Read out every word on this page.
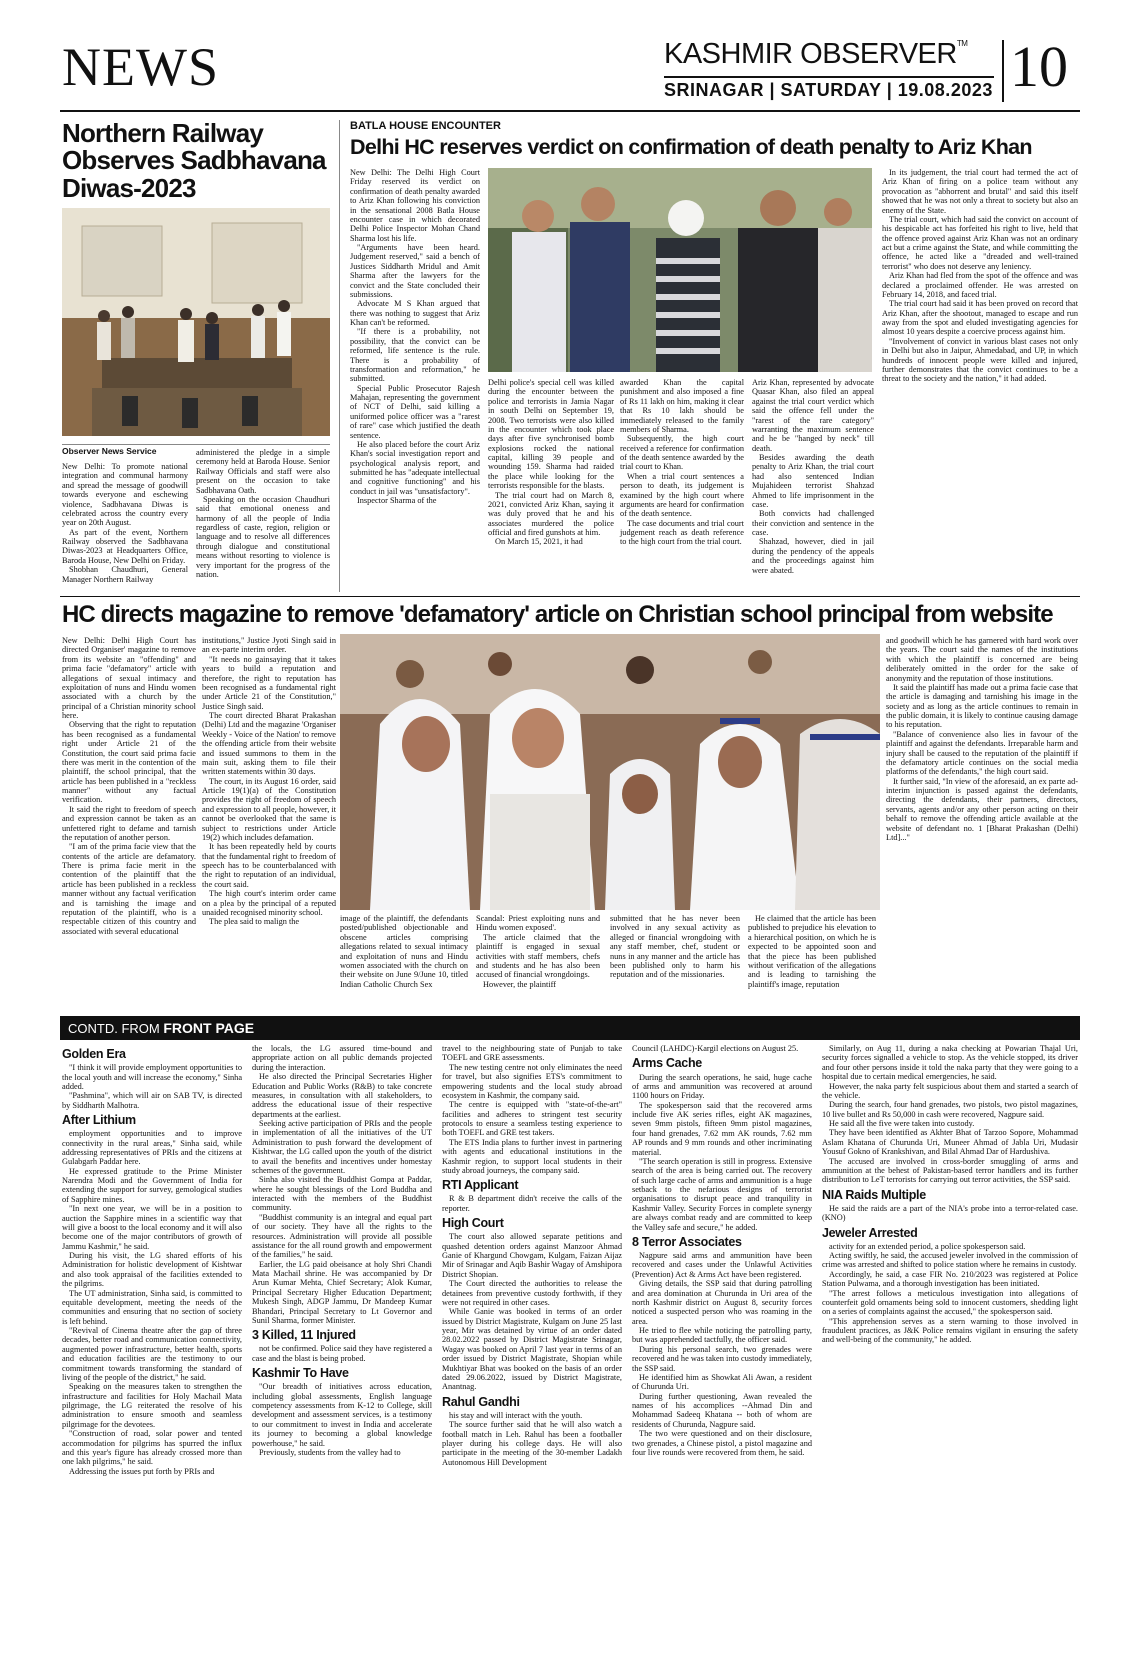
NEWS	KASHMIR OBSERVER™
SRINAGAR | SATURDAY | 19.08.2023 10
Northern Railway Observes Sadbhavana Diwas-2023
Observer News Service

New Delhi: To promote national integration and communal harmony and spread the message of goodwill towards everyone and eschewing violence, Sadbhavana Diwas is celebrated across the country every year on 20th August.

As part of the event, Northern Railway observed the Sadbhavana Diwas-2023 at Headquarters Office, Baroda House, New Delhi on Friday.

Shobhan Chaudhuri, General Manager Northern Railway

administered the pledge in a simple ceremony held at Baroda House. Senior Railway Officials and staff were also present on the occasion to take Sadbhavana Oath.

Speaking on the occasion Chaudhuri said that emotional oneness and harmony of all the people of India regardless of caste, region, religion or language and to resolve all differences through dialogue and constitutional means without resorting to violence is very important for the progress of the nation.

BATLA HOUSE ENCOUNTER
Delhi HC reserves verdict on confirmation of death penalty to Ariz Khan

New Delhi: The Delhi High Court Friday reserved its verdict on confirmation of death penalty awarded to Ariz Khan following his conviction in the sensational 2008 Batla House encounter case in which decorated Delhi Police Inspector Mohan Chand Sharma lost his life.

"Arguments have been heard. Judgement reserved," said a bench of Justices Siddharth Mridul and Amit Sharma after the lawyers for the convict and the State concluded their submissions.

Advocate M S Khan argued that there was nothing to suggest that Ariz Khan can't be reformed.

"If there is a probability, not possibility, that the convict can be reformed, life sentence is the rule. There is a probability of transformation and reformation," he submitted.

Special Public Prosecutor Rajesh Mahajan, representing the government of NCT of Delhi, said killing a uniformed police officer was a "rarest of rare" case which justified the death sentence.

He also placed before the court Ariz Khan's social investigation report and psychological analysis report, and submitted he has "adequate intellectual and cognitive functioning" and his conduct in jail was "unsatisfactory".

Inspector Sharma of the

Delhi police's special cell was killed during the encounter between the police and terrorists in Jamia Nagar in south Delhi on September 19, 2008. Two terrorists were also killed in the encounter which took place days after five synchronised bomb explosions rocked the national capital, killing 39 people and wounding 159. Sharma had raided the place while looking for the terrorists responsible for the blasts.

The trial court had on March 8, 2021, convicted Ariz Khan, saying it was duly proved that he and his associates murdered the police official and fired gunshots at him.

On March 15, 2021, it had

awarded Khan the capital punishment and also imposed a fine of Rs 11 lakh on him, making it clear that Rs 10 lakh should be immediately released to the family members of Sharma.

Subsequently, the high court received a reference for confirmation of the death sentence awarded by the trial court to Khan.

When a trial court sentences a person to death, its judgement is examined by the high court where arguments are heard for confirmation of the death sentence.

The case documents and trial court judgement reach as death reference to the high court from the trial court.

Ariz Khan, represented by advocate Quasar Khan, also filed an appeal against the trial court verdict which said the offence fell under the "rarest of the rare category" warranting the maximum sentence and he be "hanged by neck" till death.

Besides awarding the death penalty to Ariz Khan, the trial court had also sentenced Indian Mujahideen terrorist Shahzad Ahmed to life imprisonment in the case.

Both convicts had challenged their conviction and sentence in the case.

Shahzad, however, died in jail during the pendency of the appeals and the proceedings against him were abated.

In its judgement, the trial court had termed the act of Ariz Khan of firing on a police team without any provocation as "abhorrent and brutal" and said this itself showed that he was not only a threat to society but also an enemy of the State.

The trial court, which had said the convict on account of his despicable act has forfeited his right to live, held that the offence proved against Ariz Khan was not an ordinary act but a crime against the State, and while committing the offence, he acted like a "dreaded and well-trained terrorist" who does not deserve any leniency.

Ariz Khan had fled from the spot of the offence and was declared a proclaimed offender. He was arrested on February 14, 2018, and faced trial.

The trial court had said it has been proved on record that Ariz Khan, after the shootout, managed to escape and run away from the spot and eluded investigating agencies for almost 10 years despite a coercive process against him.

"Involvement of convict in various blast cases not only in Delhi but also in Jaipur, Ahmedabad, and UP, in which hundreds of innocent people were killed and injured, further demonstrates that the convict continues to be a threat to the society and the nation," it had added.

HC directs magazine to remove 'defamatory' article on Christian school principal from website

New Delhi: Delhi High Court has directed Organiser' magazine to remove from its website an "offending" and prima facie "defamatory" article with allegations of sexual intimacy and exploitation of nuns and Hindu women associated with a church by the principal of a Christian minority school here.

Observing that the right to reputation has been recognised as a fundamental right under Article 21 of the Constitution, the court said prima facie there was merit in the contention of the plaintiff, the school principal, that the article has been published in a "reckless manner" without any factual verification.

It said the right to freedom of speech and expression cannot be taken as an unfettered right to defame and tarnish the reputation of another person.

"I am of the prima facie view that the contents of the article are defamatory. There is prima facie merit in the contention of the plaintiff that the article has been published in a reckless manner without any factual verification and is tarnishing the image and reputation of the plaintiff, who is a respectable citizen of this country and associated with several educational

institutions," Justice Jyoti Singh said in an ex-parte interim order.

"It needs no gainsaying that it takes years to build a reputation and therefore, the right to reputation has been recognised as a fundamental right under Article 21 of the Constitution," Justice Singh said.

The court directed Bharat Prakashan (Delhi) Ltd and the magazine 'Organiser Weekly - Voice of the Nation' to remove the offending article from their website and issued summons to them in the main suit, asking them to file their written statements within 30 days.

The court, in its August 16 order, said Article 19(1)(a) of the Constitution provides the right of freedom of speech and expression to all people, however, it cannot be overlooked that the same is subject to restrictions under Article 19(2) which includes defamation.

It has been repeatedly held by courts that the fundamental right to freedom of speech has to be counterbalanced with the right to reputation of an individual, the court said.

The high court's interim order came on a plea by the principal of a reputed unaided recognised minority school.

The plea said to malign the	image of the plaintiff, the defendants posted/published objectionable and obscene articles comprising allegations related to sexual intimacy and exploitation of nuns and Hindu women associated with the church on their website on June 9/June 10, titled Indian Catholic Church Sex

Scandal: Priest exploiting nuns and Hindu women exposed'.

The article claimed that the plaintiff is engaged in sexual activities with staff members, chefs and students and he has also been accused of financial wrongdoings.

However, the plaintiff

submitted that he has never been involved in any sexual activity as alleged or financial wrongdoing with any staff member, chef, student or nuns in any manner and the article has been published only to harm his reputation and of the missionaries.

He claimed that the article has been published to prejudice his elevation to a hierarchical position, on which he is expected to be appointed soon and that the piece has been published without verification of the allegations and is leading to tarnishing the plaintiff's image, reputation

and goodwill which he has garnered with hard work over the years. The court said the names of the institutions with which the plaintiff is concerned are being deliberately omitted in the order for the sake of anonymity and the reputation of those institutions.

It said the plaintiff has made out a prima facie case that the article is damaging and tarnishing his image in the society and as long as the article continues to remain in the public domain, it is likely to continue causing damage to his reputation.

"Balance of convenience also lies in favour of the plaintiff and against the defendants. Irreparable harm and injury shall be caused to the reputation of the plaintiff if the defamatory article continues on the social media platforms of the defendants," the high court said.

It further said, "In view of the aforesaid, an ex parte ad-interim injunction is passed against the defendants, directing the defendants, their partners, directors, servants, agents and/or any other person acting on their behalf to remove the offending article available at the website of defendant no. 1 [Bharat Prakashan (Delhi) Ltd]..."

CONTD. FROM FRONT PAGE
Golden Era

"I think it will provide employment opportunities to the local youth and will increase the economy," Sinha added.

"Pashmina", which will air on SAB TV, is directed by Siddharth Malhotra.

After Lithium

employment opportunities and to improve connectivity in the rural areas," Sinha said, while addressing representatives of PRIs and the citizens at Gulabgarh Paddar here.

He expressed gratitude to the Prime Minister Narendra Modi and the Government of India for extending the support for survey, gemological studies of Sapphire mines.

"In next one year, we will be in a position to auction the Sapphire mines in a scientific way that will give a boost to the local economy and it will also become one of the major contributors of growth of Jammu Kashmir," he said.

During his visit, the LG shared efforts of his Administration for holistic development of Kishtwar and also took appraisal of the facilities extended to the pilgrims.

The UT administration, Sinha said, is committed to equitable development, meeting the needs of the communities and ensuring that no section of society is left behind.

"Revival of Cinema theatre after the gap of three decades, better road and communication connectivity, augmented power infrastructure, better health, sports and education facilities are the testimony to our commitment towards transforming the standard of living of the people of the district," he said.

Speaking on the measures taken to strengthen the infrastructure and facilities for Holy Machail Mata pilgrimage, the LG reiterated the resolve of his administration to ensure smooth and seamless pilgrimage for the devotees.

"Construction of road, solar power and tented accommodation for pilgrims has spurred the influx and this year's figure has already crossed more than one lakh pilgrims," he said.

Addressing the issues put forth by PRIs and

the locals, the LG assured time-bound and appropriate action on all public demands projected during the interaction.

He also directed the Principal Secretaries Higher Education and Public Works (R&B) to take concrete measures, in consultation with all stakeholders, to address the educational issue of their respective departments at the earliest.

Seeking active participation of PRIs and the people in implementation of all the initiatives of the UT Administration to push forward the development of Kishtwar, the LG called upon the youth of the district to avail the benefits and incentives under homestay schemes of the government.

Sinha also visited the Buddhist Gompa at Paddar, where he sought blessings of the Lord Buddha and interacted with the members of the Buddhist community.

"Buddhist community is an integral and equal part of our society. They have all the rights to the resources. Administration will provide all possible assistance for the all round growth and empowerment of the families," he said.

Earlier, the LG paid obeisance at holy Shri Chandi Mata Machail shrine. He was accompanied by Dr Arun Kumar Mehta, Chief Secretary; Alok Kumar, Principal Secretary Higher Education Department; Mukesh Singh, ADGP Jammu, Dr Mandeep Kumar Bhandari, Principal Secretary to Lt Governor and Sunil Sharma, former Minister.

3 Killed, 11 Injured

not be confirmed. Police said they have registered a case and the blast is being probed.

Kashmir To Have

"Our breadth of initiatives across education, including global assessments, English language competency assessments from K-12 to College, skill development and assessment services, is a testimony to our commitment to invest in India and accelerate its journey to becoming a global knowledge powerhouse," he said.

Previously, students from the valley had to

travel to the neighbouring state of Punjab to take TOEFL and GRE assessments.

The new testing centre not only eliminates the need for travel, but also signifies ETS's commitment to empowering students and the local study abroad ecosystem in Kashmir, the company said.

The centre is equipped with "state-of-the-art" facilities and adheres to stringent test security protocols to ensure a seamless testing experience to both TOEFL and GRE test takers.

The ETS India plans to further invest in partnering with agents and educational institutions in the Kashmir region, to support local students in their study abroad journeys, the company said.

RTI Applicant

R & B department didn't receive the calls of the reporter.

High Court

The court also allowed separate petitions and quashed detention orders against Manzoor Ahmad Ganie of Khargund Chowgam, Kulgam, Faizan Aijaz Mir of Srinagar and Aqib Bashir Wagay of Amshipora District Shopian.

The Court directed the authorities to release the detainees from preventive custody forthwith, if they were not required in other cases.

While Ganie was booked in terms of an order issued by District Magistrate, Kulgam on June 25 last year, Mir was detained by virtue of an order dated 28.02.2022 passed by District Magistrate Srinagar, Wagay was booked on April 7 last year in terms of an order issued by District Magistrate, Shopian while Mukhtiyar Bhat was booked on the basis of an order dated 29.06.2022, issued by District Magistrate, Anantnag.

Rahul Gandhi

his stay and will interact with the youth.

The source further said that he will also watch a football match in Leh. Rahul has been a footballer player during his college days. He will also participate in the meeting of the 30-member Ladakh Autonomous Hill Development

Council (LAHDC)-Kargil elections on August 25.

Arms Cache

During the search operations, he said, huge cache of arms and ammunition was recovered at around 1100 hours on Friday.

The spokesperson said that the recovered arms include five AK series rifles, eight AK magazines, seven 9mm pistols, fifteen 9mm pistol magazines, four hand grenades, 7.62 mm AK rounds, 7.62 mm AP rounds and 9 mm rounds and other incriminating material.

"The search operation is still in progress. Extensive search of the area is being carried out. The recovery of such large cache of arms and ammunition is a huge setback to the nefarious designs of terrorist organisations to disrupt peace and tranquility in Kashmir Valley. Security Forces in complete synergy are always combat ready and are committed to keep the Valley safe and secure," he added.

8 Terror Associates

Nagpure said arms and ammunition have been recovered and cases under the Unlawful Activities (Prevention) Act & Arms Act have been registered.

Giving details, the SSP said that during patrolling and area domination at Churunda in Uri area of the north Kashmir district on August 8, security forces noticed a suspected person who was roaming in the area.

He tried to flee while noticing the patrolling party, but was apprehended tactfully, the officer said.

During his personal search, two grenades were recovered and he was taken into custody immediately, the SSP said.

He identified him as Showkat Ali Awan, a resident of Churunda Uri.

During further questioning, Awan revealed the names of his accomplices --Ahmad Din and Mohammad Sadeeq Khatana -- both of whom are residents of Churunda, Nagpure said.

The two were questioned and on their disclosure, two grenades, a Chinese pistol, a pistol magazine and four live rounds were recovered from them, he said.

Similarly, on Aug 11, during a naka checking at Powarian Thajal Uri, security forces signalled a vehicle to stop. As the vehicle stopped, its driver and four other persons inside it told the naka party that they were going to a hospital due to certain medical emergencies, he said.

However, the naka party felt suspicious about them and started a search of the vehicle.

During the search, four hand grenades, two pistols, two pistol magazines, 10 live bullet and Rs 50,000 in cash were recovered, Nagpure said.

He said all the five were taken into custody.

They have been identified as Akhter Bhat of Tarzoo Sopore, Mohammad Aslam Khatana of Churunda Uri, Muneer Ahmad of Jabla Uri, Mudasir Yousuf Gokno of Krankshivan, and Bilal Ahmad Dar of Hardushiva.

The accused are involved in cross-border smuggling of arms and ammunition at the behest of Pakistan-based terror handlers and its further distribution to LeT terrorists for carrying out terror activities, the SSP said.

NIA Raids Multiple

He said the raids are a part of the NIA's probe into a terror-related case. (KNO)

Jeweler Arrested

activity for an extended period, a police spokesperson said.

Acting swiftly, he said, the accused jeweler involved in the commission of crime was arrested and shifted to police station where he remains in custody.

Accordingly, he said, a case FIR No. 210/2023 was registered at Police Station Pulwama, and a thorough investigation has been initiated.

"The arrest follows a meticulous investigation into allegations of counterfeit gold ornaments being sold to innocent customers, shedding light on a series of complaints against the accused," the spokesperson said.

"This apprehension serves as a stern warning to those involved in fraudulent practices, as J&K Police remains vigilant in ensuring the safety and well-being of the community," he added.
